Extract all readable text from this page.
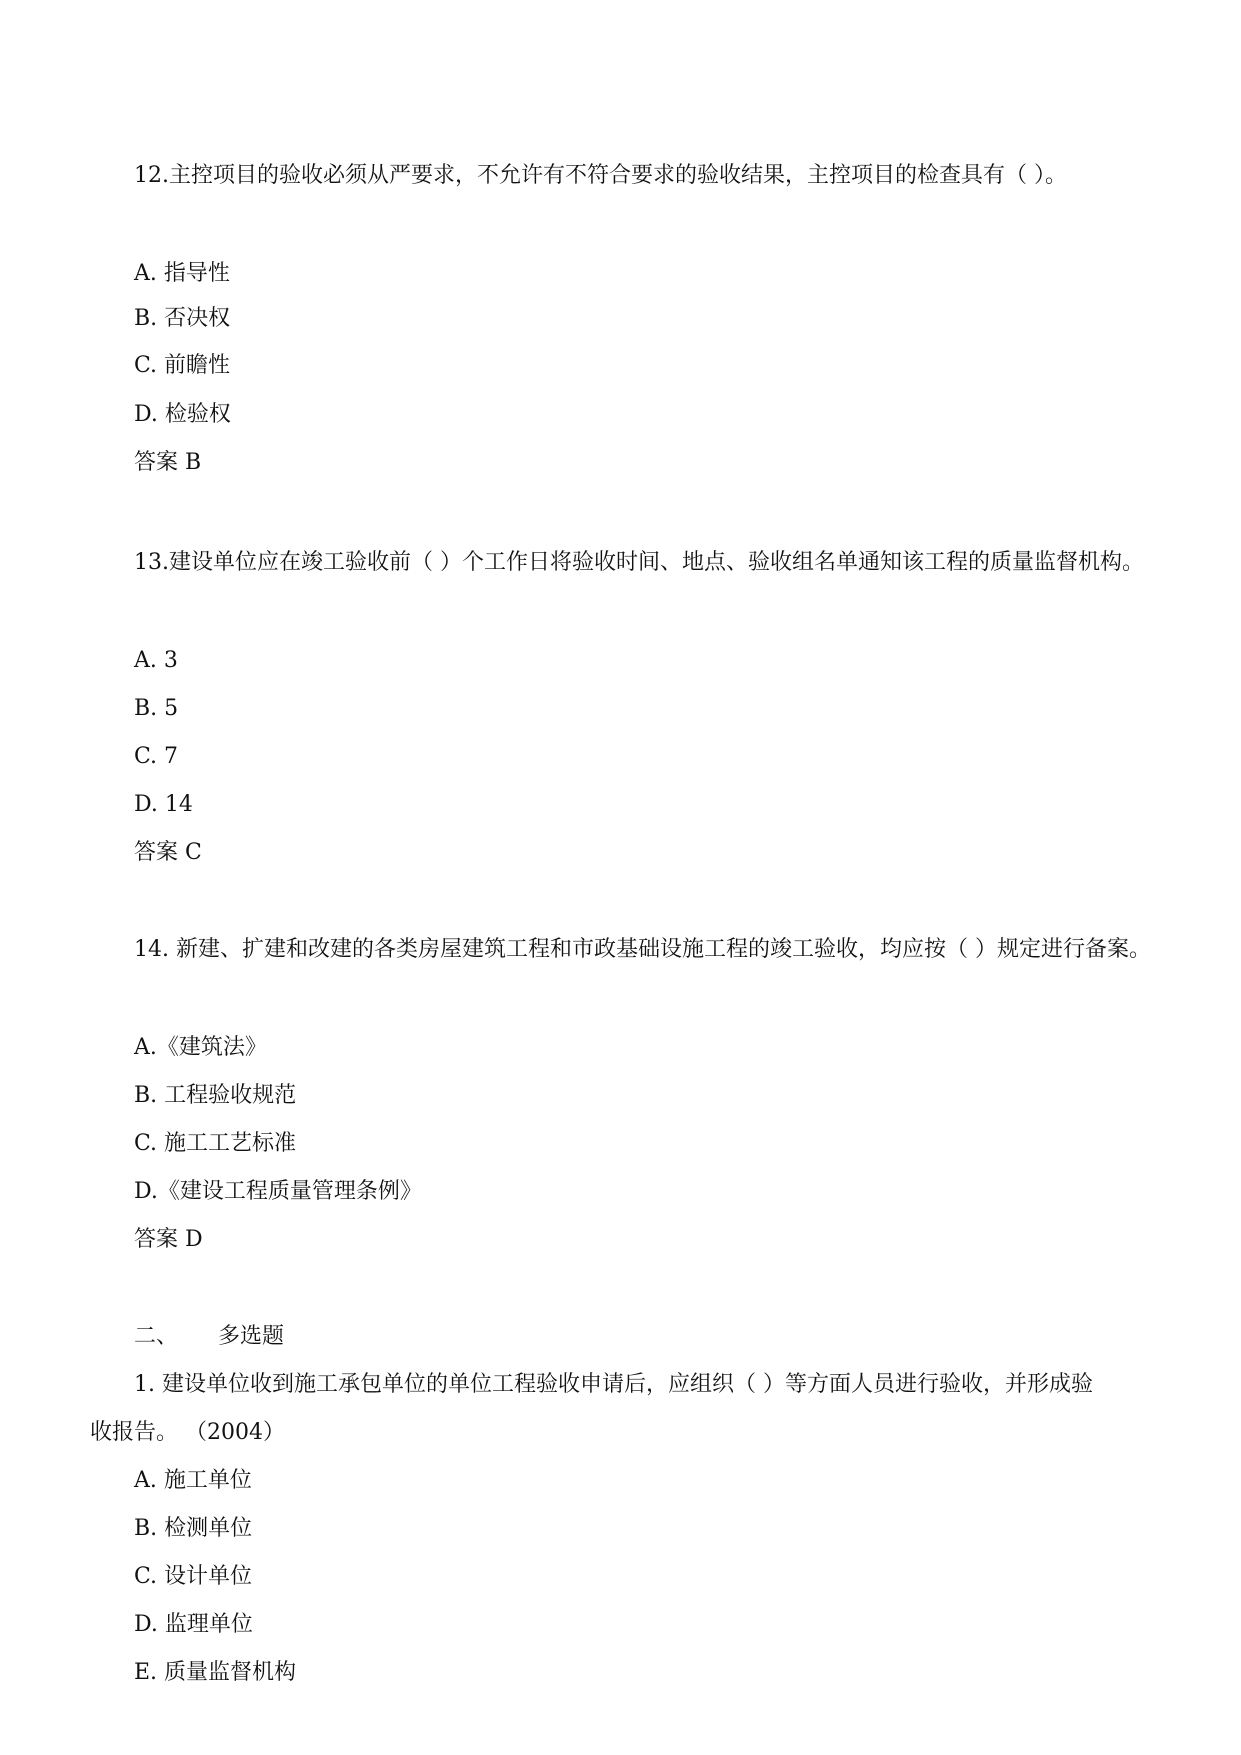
12.主控项目的验收必须从严要求，不允许有不符合要求的验收结果，主控项目的检查具有（ ）。
A. 指导性
B. 否决权
C. 前瞻性
D. 检验权
答案 B
13.建设单位应在竣工验收前（ ）个工作日将验收时间、地点、验收组名单通知该工程的质量监督机构。
A. 3
B. 5
C. 7
D. 14
答案 C
14. 新建、扩建和改建的各类房屋建筑工程和市政基础设施工程的竣工验收，均应按（ ）规定进行备案。
A.《建筑法》
B. 工程验收规范
C. 施工工艺标准
D.《建设工程质量管理条例》
答案 D
二、 多选题
1. 建设单位收到施工承包单位的单位工程验收申请后，应组织（ ）等方面人员进行验收，并形成验
收报告。 （2004）
A. 施工单位
B. 检测单位
C. 设计单位
D. 监理单位
E. 质量监督机构
